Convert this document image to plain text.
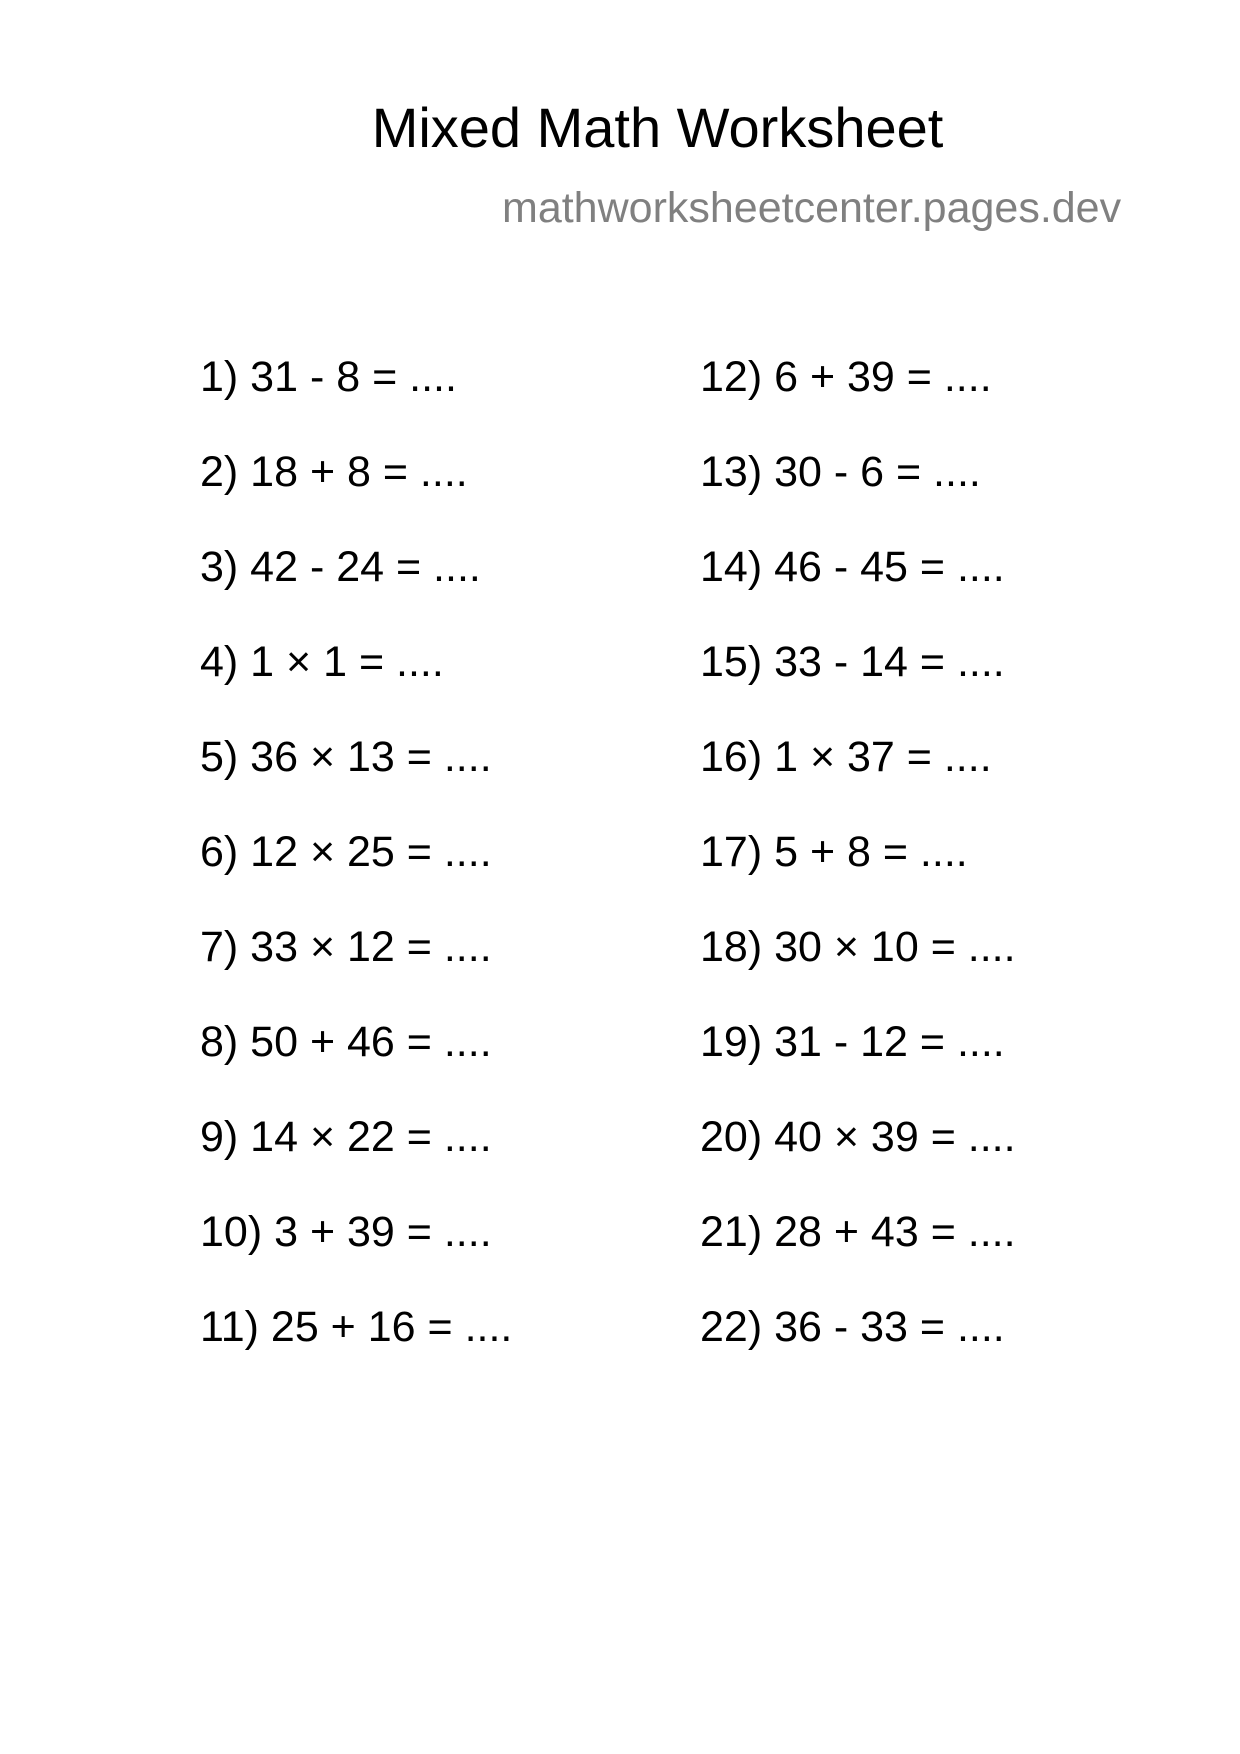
Mixed Math Worksheet
mathworksheetcenter.pages.dev
1) 31 - 8 = ....
2) 18 + 8 = ....
3) 42 - 24 = ....
4) 1 × 1 = ....
5) 36 × 13 = ....
6) 12 × 25 = ....
7) 33 × 12 = ....
8) 50 + 46 = ....
9) 14 × 22 = ....
10) 3 + 39 = ....
11) 25 + 16 = ....
12) 6 + 39 = ....
13) 30 - 6 = ....
14) 46 - 45 = ....
15) 33 - 14 = ....
16) 1 × 37 = ....
17) 5 + 8 = ....
18) 30 × 10 = ....
19) 31 - 12 = ....
20) 40 × 39 = ....
21) 28 + 43 = ....
22) 36 - 33 = ....
